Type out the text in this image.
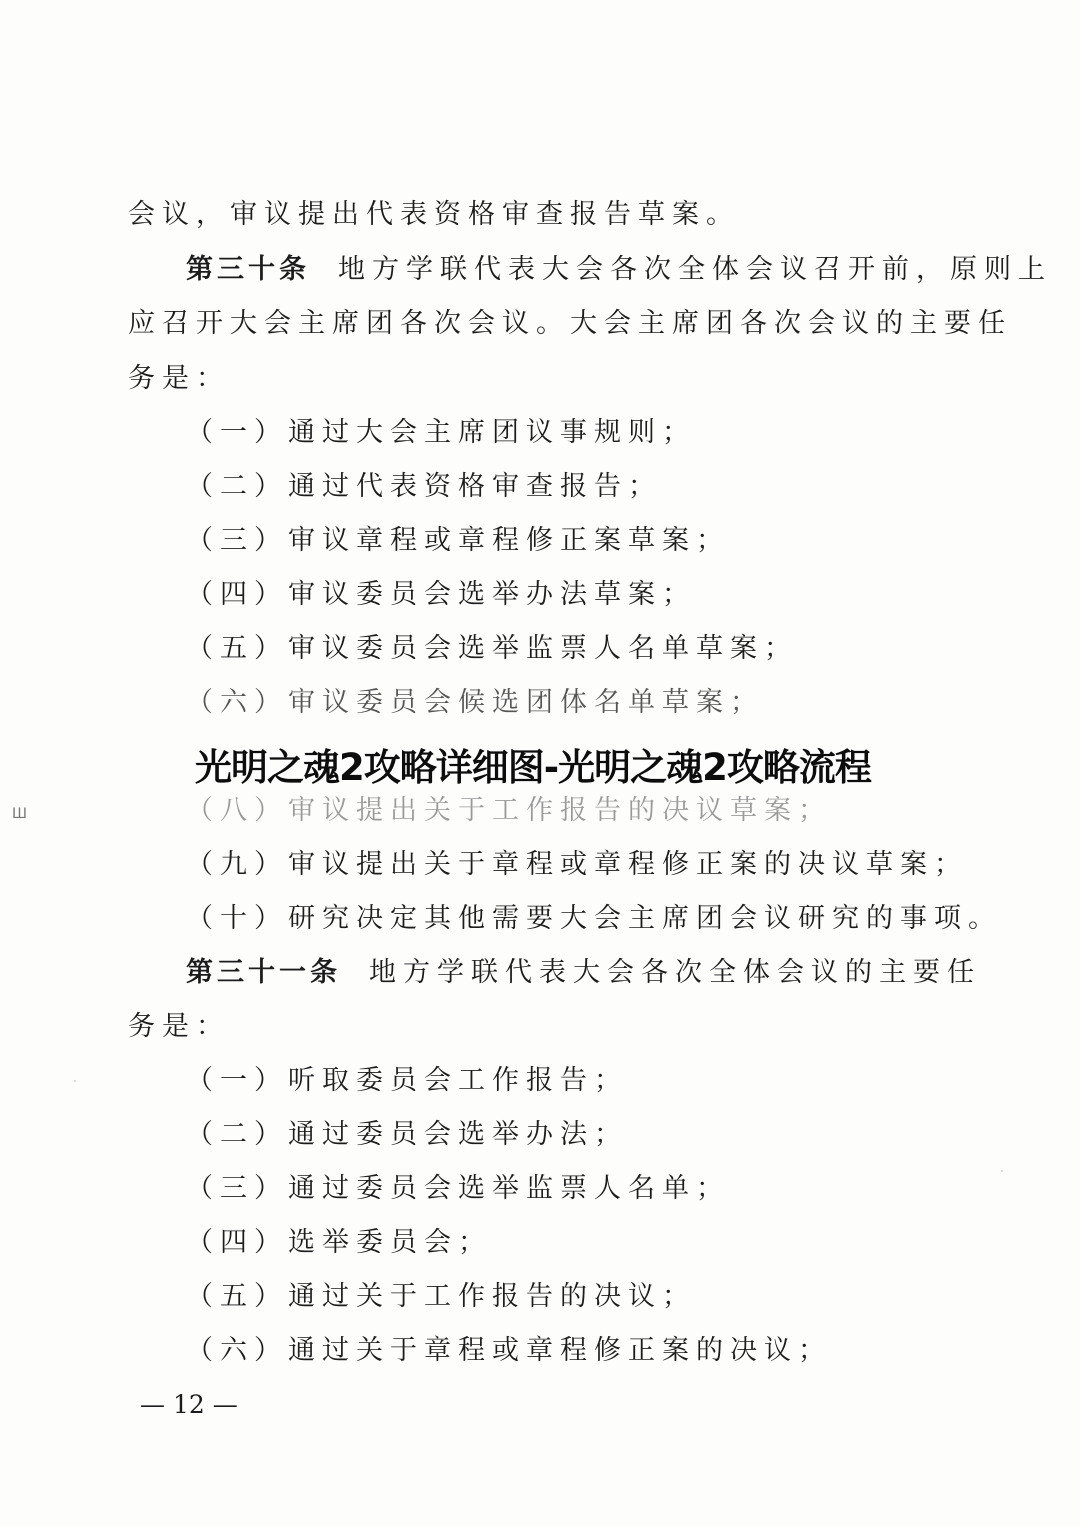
Ш
会议，审议提出代表资格审查报告草案。
第三十条 地方学联代表大会各次全体会议召开前，原则上
应召开大会主席团各次会议。大会主席团各次会议的主要任
务是：
（一）通过大会主席团议事规则；
（二）通过代表资格审查报告；
（三）审议章程或章程修正案草案；
（四）审议委员会选举办法草案；
（五）审议委员会选举监票人名单草案；
（六）审议委员会候选团体名单草案；
（八）审议提出关于工作报告的决议草案；
（九）审议提出关于章程或章程修正案的决议草案；
（十）研究决定其他需要大会主席团会议研究的事项。
第三十一条 地方学联代表大会各次全体会议的主要任
务是：
（一）听取委员会工作报告；
（二）通过委员会选举办法；
（三）通过委员会选举监票人名单；
（四）选举委员会；
（五）通过关于工作报告的决议；
（六）通过关于章程或章程修正案的决议；
— 12 —
光明之魂2攻略详细图-光明之魂2攻略流程
